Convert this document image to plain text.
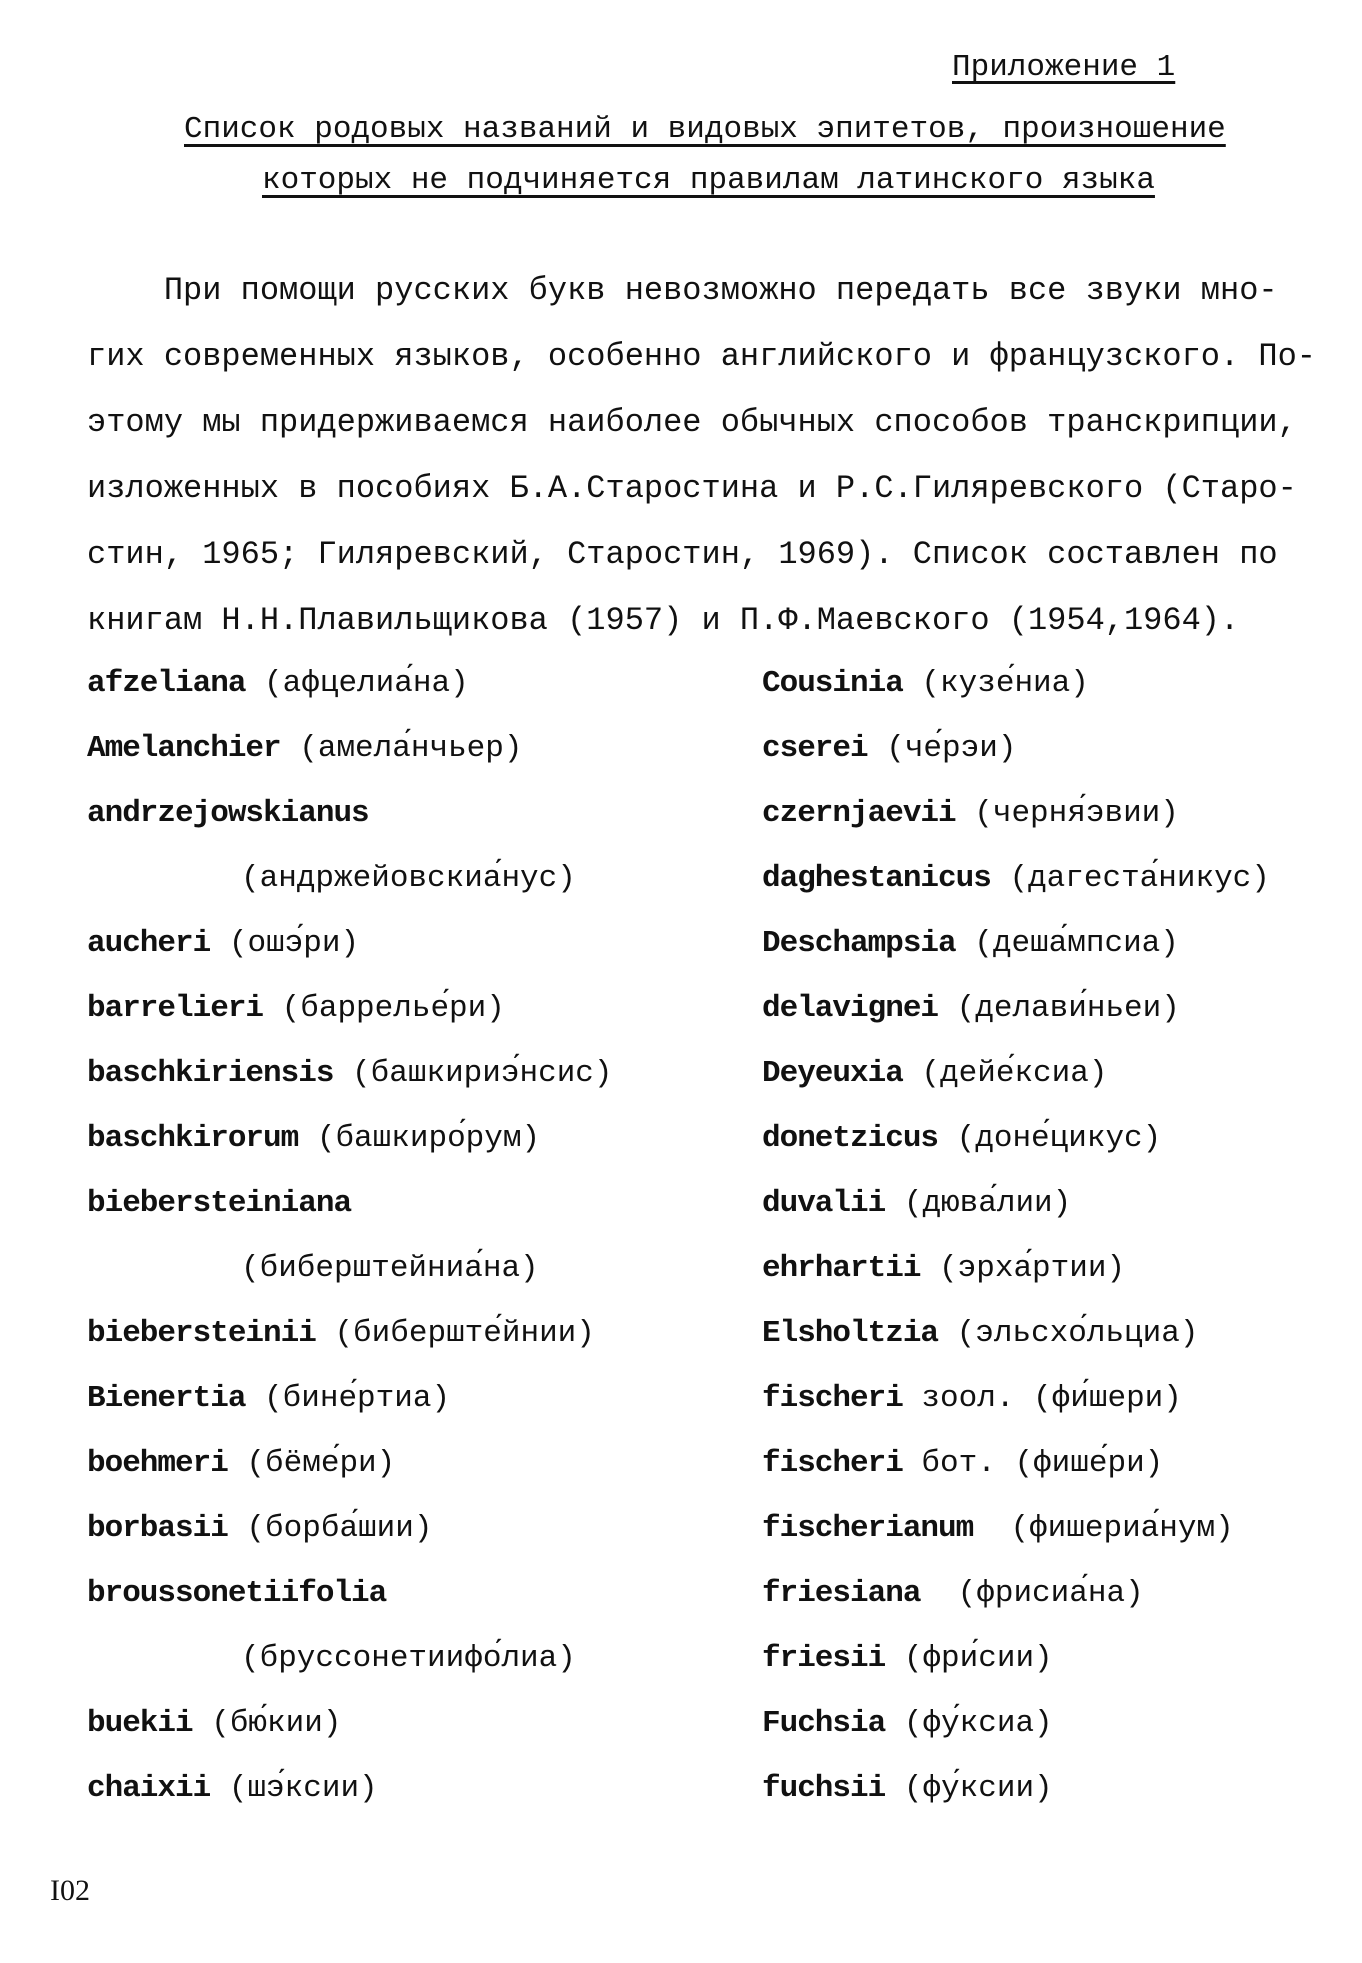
Приложение 1
Список родовых названий и видовых эпитетов, произношение
которых не подчиняется правилам латинского языка
При помощи русских букв невозможно передать все звуки мно-
гих современных языков, особенно английского и французского. По-
этому мы придерживаемся наиболее обычных способов транскрипции,
изложенных в пособиях Б.А.Старостина и Р.С.Гиляревского (Старо-
стин, 1965; Гиляревский, Старостин, 1969). Список составлен по
книгам Н.Н.Плавильщикова (1957) и П.Ф.Маевского (1954,1964).
afzeliana (афцелиа́на)	Cousinia (кузе́ниа)
Amelanchier (амела́нчьер)	cserei (че́рэи)
andrzejowskianus	czernjaevii (черня́эвии)
(андржейовскиа́нус)	daghestanicus (дагеста́никус)
aucheri (ошэ́ри)	Deschampsia (деша́мпсиа)
barrelieri (баррелье́ри)	delavignei (делави́ньеи)
baschkiriensis (башкириэ́нсис)	Deyeuxia (дейе́ксиа)
baschkirorum (башкиро́рум)	donetzicus (доне́цикус)
biebersteiniana	duvalii (дюва́лии)
(биберштейниа́на)	ehrhartii (эрха́ртии)
biebersteinii (биберште́йнии)	Elsholtzia (эльсхо́льциа)
Bienertia (бине́ртиа)	fischeri зоол. (фи́шери)
boehmeri (бёме́ри)	fischeri бот. (фише́ри)
borbasii (борба́шии)	fischerianum  (фишериа́нум)
broussonetiifolia	friesiana  (фрисиа́на)
(бруссонетиифо́лиа)	friesii (фри́сии)
buekii (бю́кии)	Fuchsia (фу́ксиа)
chaixii (шэ́ксии)	fuchsii (фу́ксии)
I02
